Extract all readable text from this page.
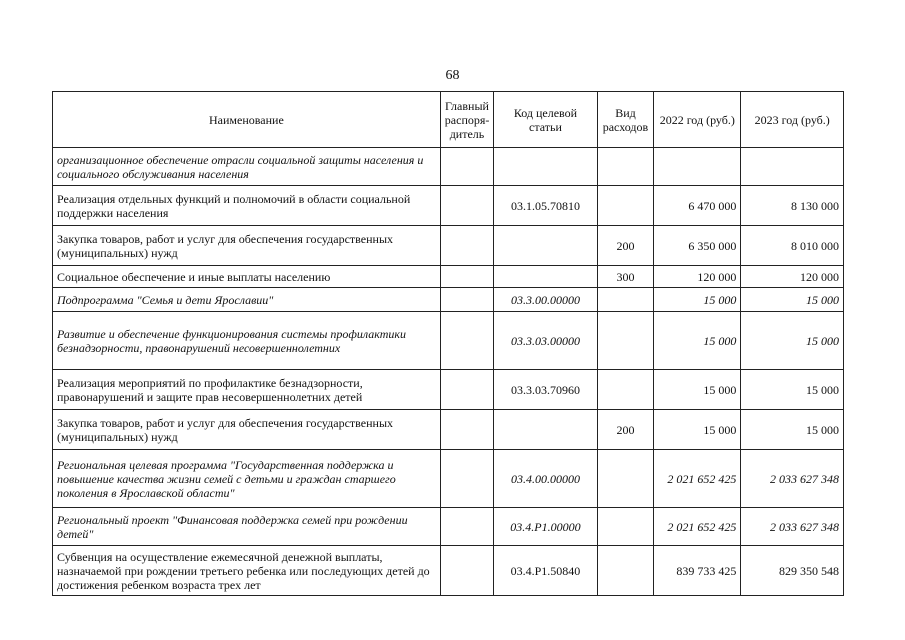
68
Наименование	Главный распоря-дитель	Код целевой статьи	Вид расходов	2022 год (руб.)	2023 год (руб.)
организационное обеспечение отрасли социальной защиты населения и социального обслуживания населения					
Реализация отдельных функций и полномочий в области социальной поддержки населения		03.1.05.70810		6 470 000	8 130 000
Закупка товаров, работ и услуг для обеспечения государственных (муниципальных) нужд			200	6 350 000	8 010 000
Социальное обеспечение и иные выплаты населению			300	120 000	120 000
Подпрограмма "Семья и дети Ярославии"		03.3.00.00000		15 000	15 000
Развитие и обеспечение функционирования системы профилактики безнадзорности, правонарушений несовершеннолетних		03.3.03.00000		15 000	15 000
Реализация мероприятий по профилактике безнадзорности, правонарушений и защите прав несовершеннолетних детей		03.3.03.70960		15 000	15 000
Закупка товаров, работ и услуг для обеспечения государственных (муниципальных) нужд			200	15 000	15 000
Региональная целевая программа "Государственная поддержка и повышение качества жизни семей с детьми и граждан старшего поколения в Ярославской области"		03.4.00.00000		2 021 652 425	2 033 627 348
Региональный проект "Финансовая поддержка семей при рождении детей"		03.4.P1.00000		2 021 652 425	2 033 627 348
Субвенция на осуществление ежемесячной денежной выплаты, назначаемой при рождении третьего ребенка или последующих детей до достижения ребенком возраста трех лет		03.4.P1.50840		839 733 425	829 350 548
